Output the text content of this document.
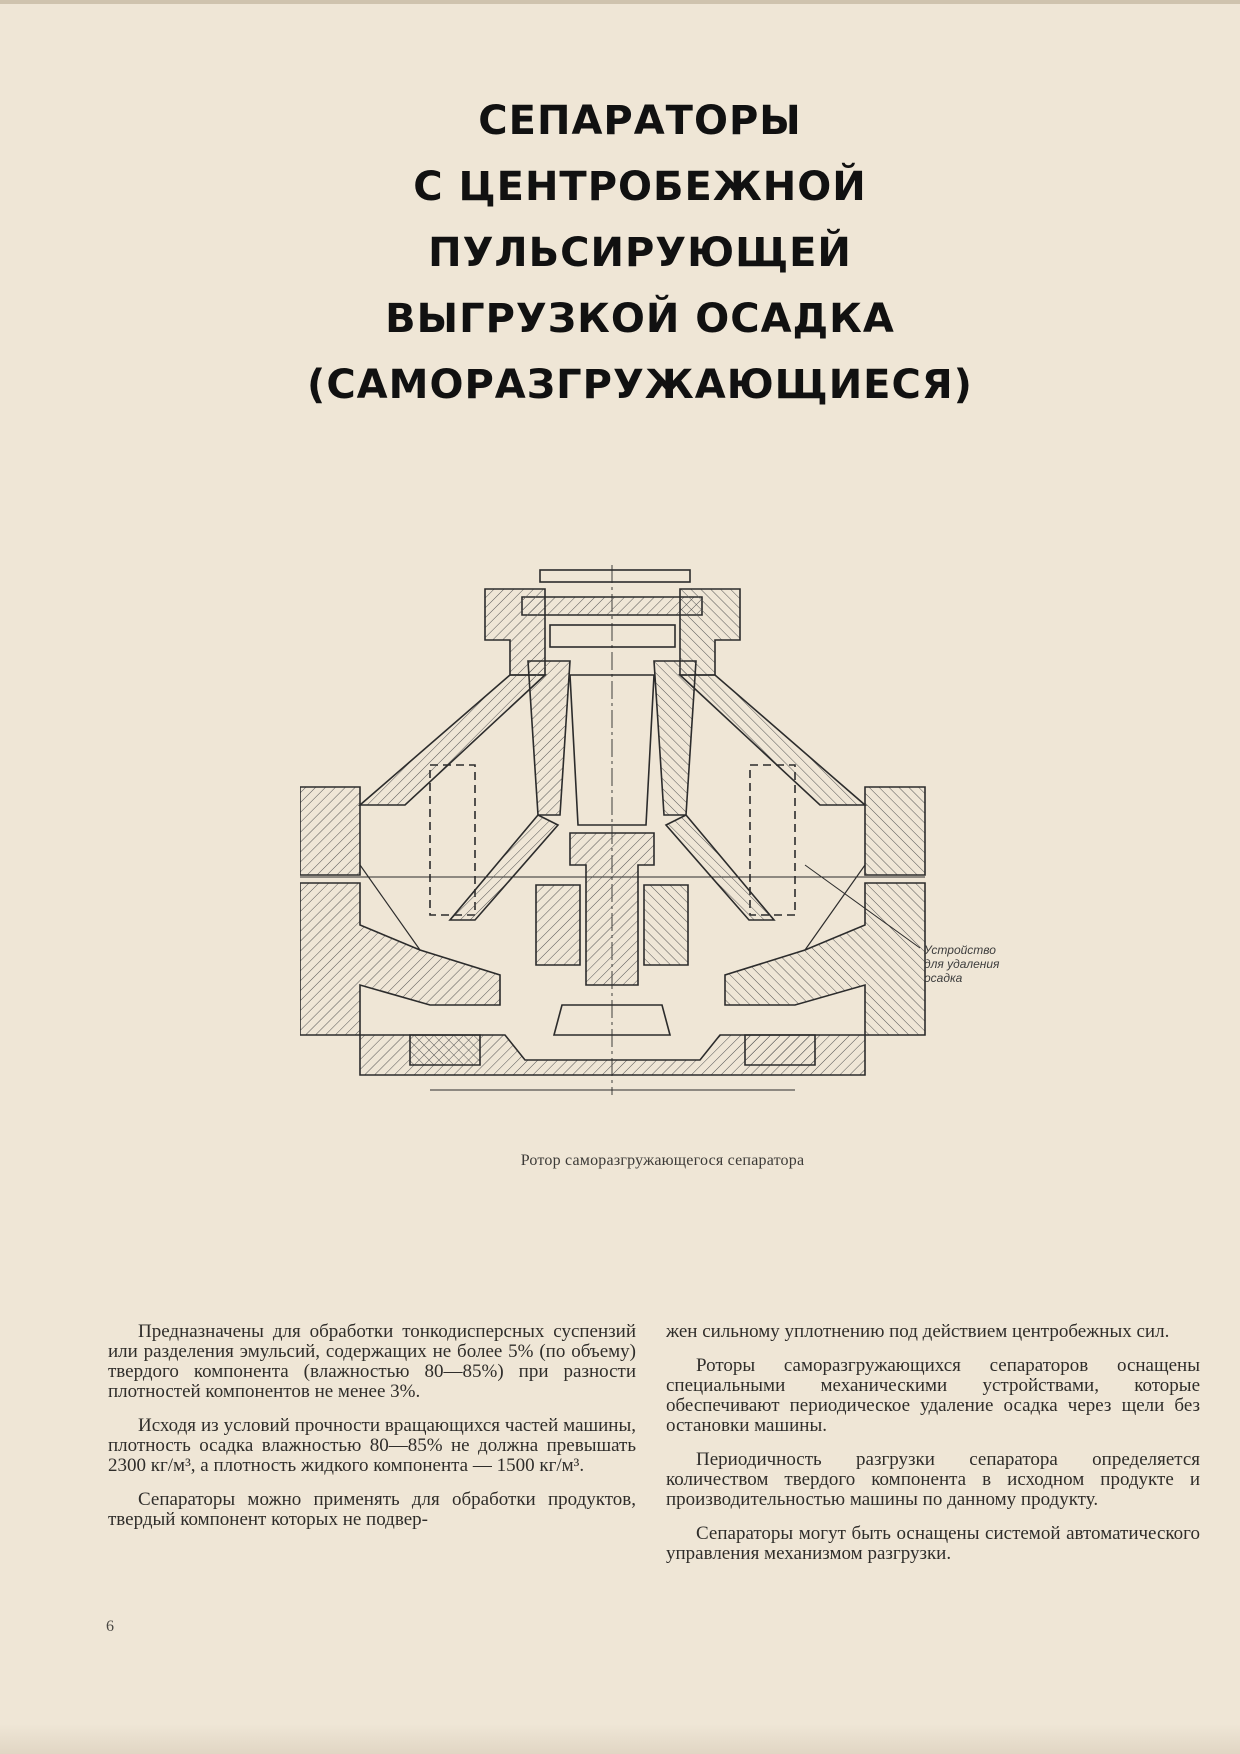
СЕПАРАТОРЫ
С ЦЕНТРОБЕЖНОЙ
ПУЛЬСИРУЮЩЕЙ
ВЫГРУЗКОЙ ОСАДКА
(САМОРАЗГРУЖАЮЩИЕСЯ)
Устройство
для удаления
осадка
Ротор саморазгружающегося сепаратора

Предназначены для обработки тонкодисперсных суспензий или разделения эмульсий, содержащих не более 5% (по объему) твердого компонента (влажностью 80—85%) при разности плотностей компонентов не менее 3%.

Исходя из условий прочности вращающихся частей машины, плотность осадка влажностью 80—85% не должна превышать 2300 кг/м³, а плотность жидкого компонента — 1500 кг/м³.

Сепараторы можно применять для обработки продуктов, твердый компонент которых не подвер-

жен сильному уплотнению под действием центробежных сил.

Роторы саморазгружающихся сепараторов оснащены специальными механическими устройствами, которые обеспечивают периодическое удаление осадка через щели без остановки машины.

Периодичность разгрузки сепаратора определяется количеством твердого компонента в исходном продукте и производительностью машины по данному продукту.

Сепараторы могут быть оснащены системой автоматического управления механизмом разгрузки.

6
